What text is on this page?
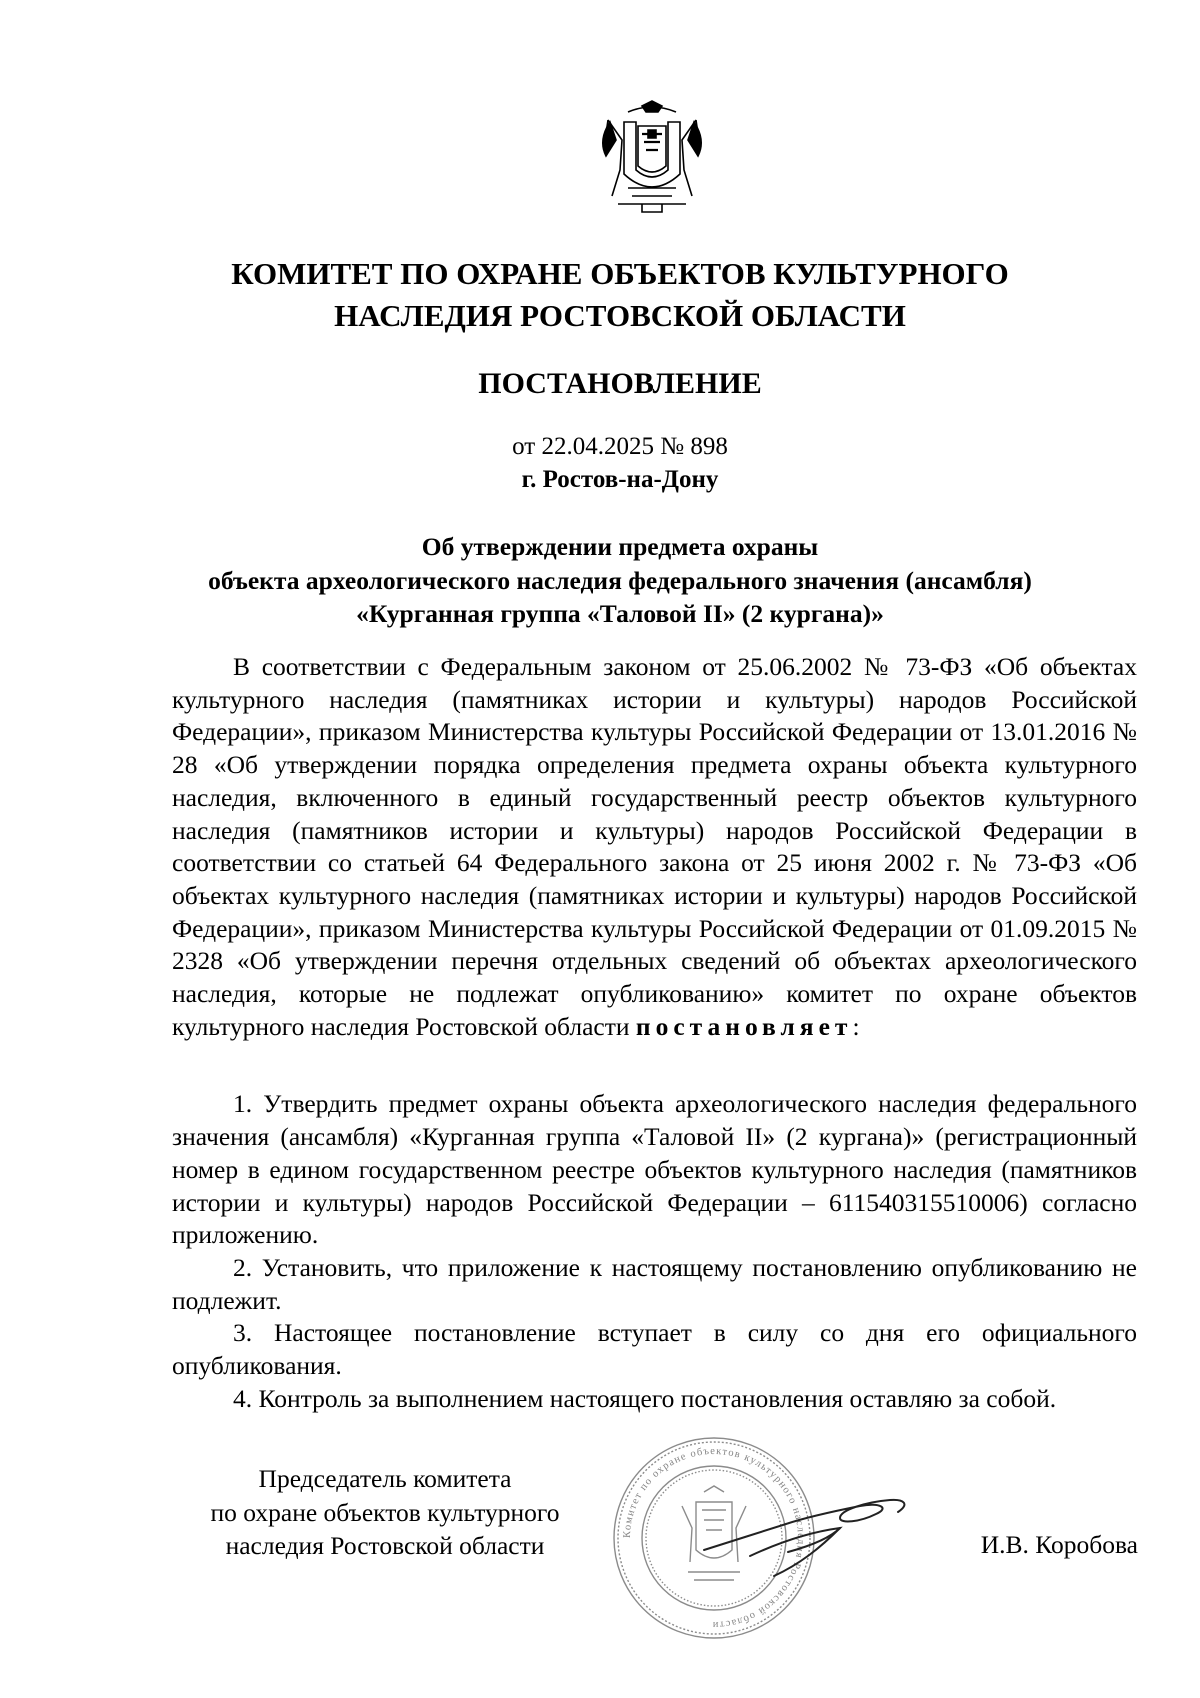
КОМИТЕТ ПО ОХРАНЕ ОБЪЕКТОВ КУЛЬТУРНОГО
НАСЛЕДИЯ РОСТОВСКОЙ ОБЛАСТИ
ПОСТАНОВЛЕНИЕ
от 22.04.2025 № 898
г. Ростов-на-Дону
Об утверждении предмета охраны
объекта археологического наследия федерального значения (ансамбля)
«Курганная группа «Таловой II» (2 кургана)»

В соответствии с Федеральным законом от 25.06.2002 № 73-ФЗ «Об объектах культурного наследия (памятниках истории и культуры) народов Российской Федерации», приказом Министерства культуры Российской Федерации от 13.01.2016 № 28 «Об утверждении порядка определения предмета охраны объекта культурного наследия, включенного в единый государственный реестр объектов культурного наследия (памятников истории и культуры) народов Российской Федерации в соответствии со статьей 64 Федерального закона от 25 июня 2002 г. № 73-ФЗ «Об объектах культурного наследия (памятниках истории и культуры) народов Российской Федерации», приказом Министерства культуры Российской Федерации от 01.09.2015 № 2328 «Об утверждении перечня отдельных сведений об объектах археологического наследия, которые не подлежат опубликованию» комитет по охране объектов культурного наследия Ростовской области постановляет:

1. Утвердить предмет охраны объекта археологического наследия федерального значения (ансамбля) «Курганная группа «Таловой II» (2 кургана)» (регистрационный номер в едином государственном реестре объектов культурного наследия (памятников истории и культуры) народов Российской Федерации – 611540315510006) согласно приложению.

2. Установить, что приложение к настоящему постановлению опубликованию не подлежит.

3. Настоящее постановление вступает в силу со дня его официального опубликования.

4. Контроль за выполнением настоящего постановления оставляю за собой.

Председатель комитета
по охране объектов культурного
наследия Ростовской области	Комитет по охране объектов культурного наследия Ростовской области
И.В. Коробова
